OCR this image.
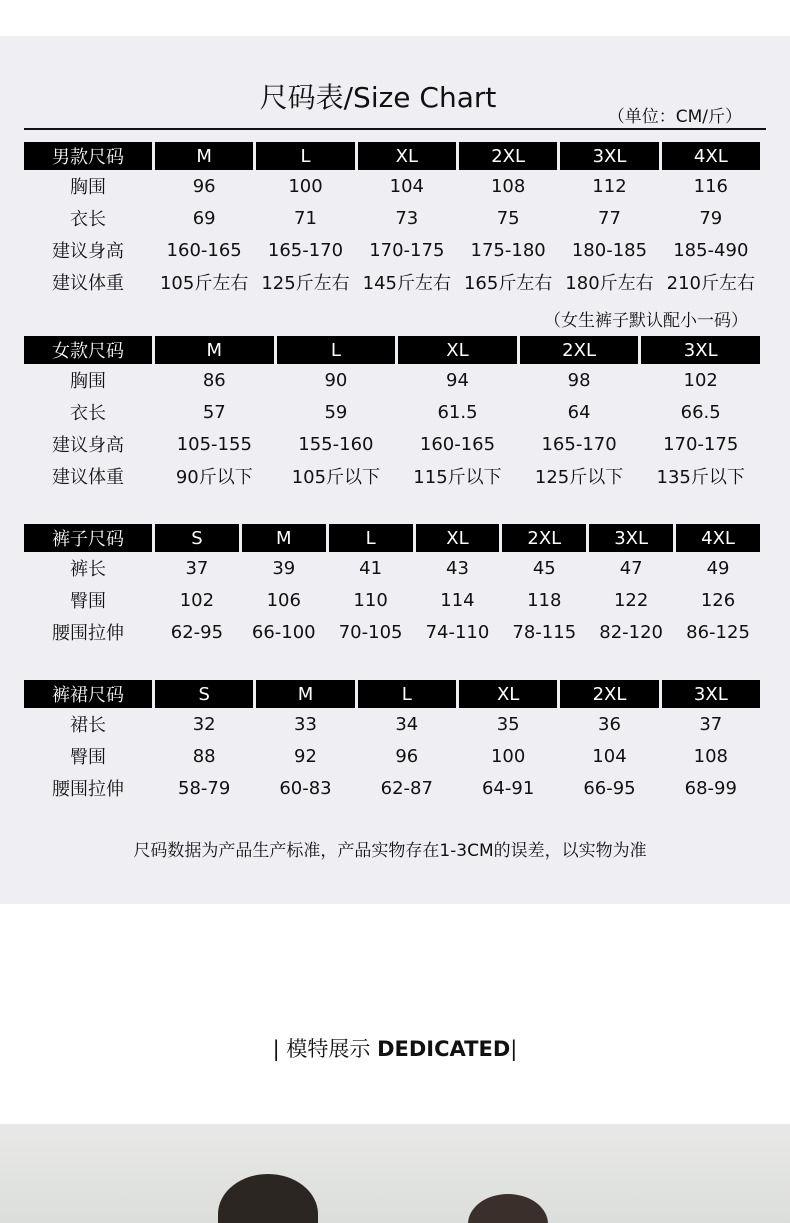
尺码表/Size Chart
（单位：CM/斤）
男款尺码	M	L	XL	2XL	3XL	4XL
胸围	96	100	104	108	112	116
衣长	69	71	73	75	77	79
建议身高	160-165	165-170	170-175	175-180	180-185	185-490
建议体重	105斤左右	125斤左右	145斤左右	165斤左右	180斤左右	210斤左右
（女生裤子默认配小一码）
女款尺码	M	L	XL	2XL	3XL
胸围	86	90	94	98	102
衣长	57	59	61.5	64	66.5
建议身高	105-155	155-160	160-165	165-170	170-175
建议体重	90斤以下	105斤以下	115斤以下	125斤以下	135斤以下
裤子尺码	S	M	L	XL	2XL	3XL	4XL
裤长	37	39	41	43	45	47	49
臀围	102	106	110	114	118	122	126
腰围拉伸	62-95	66-100	70-105	74-110	78-115	82-120	86-125
裤裙尺码	S	M	L	XL	2XL	3XL
裙长	32	33	34	35	36	37
臀围	88	92	96	100	104	108
腰围拉伸	58-79	60-83	62-87	64-91	66-95	68-99
尺码数据为产品生产标准，产品实物存在1-3CM的误差，以实物为准
| 模特展示 DEDICATED|
